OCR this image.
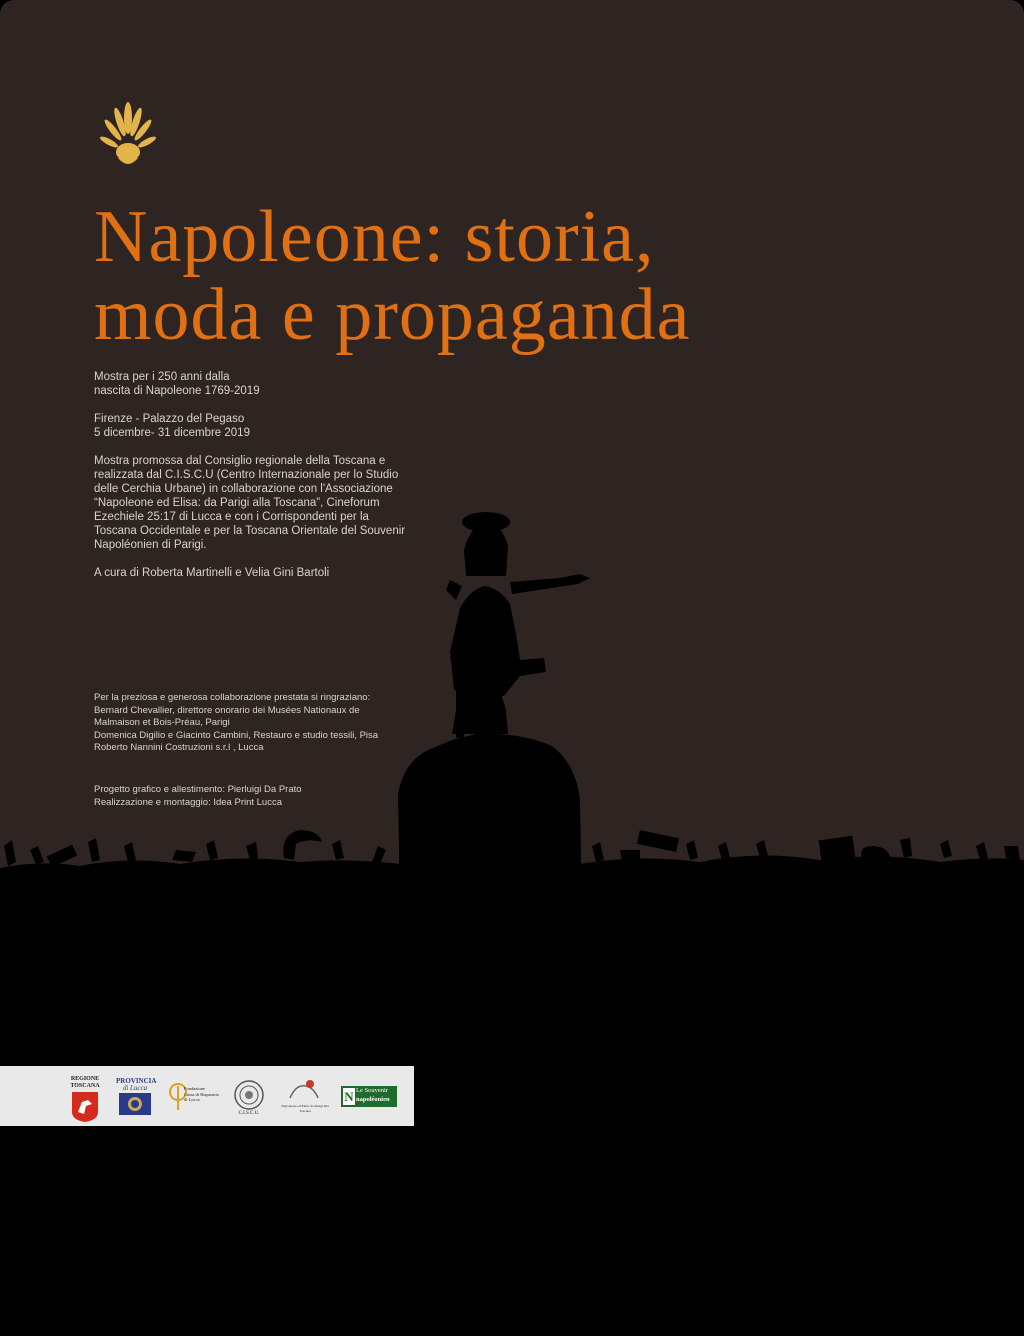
Napoleone: storia,
moda e propaganda
Mostra per i 250 anni dalla
nascita di Napoleone 1769-2019
Firenze - Palazzo del Pegaso
5 dicembre- 31 dicembre 2019
Mostra promossa dal Consiglio regionale della Toscana e
realizzata dal C.I.S.C.U (Centro Internazionale per lo Studio
delle Cerchia Urbane) in collaborazione con l'Associazione
“Napoleone ed Elisa: da Parigi alla Toscana”, Cineforum
Ezechiele 25:17 di Lucca e con i Corrispondenti per la
Toscana Occidentale e per la Toscana Orientale del Souvenir
Napoléonien di Parigi.
A cura di Roberta Martinelli e Velia Gini Bartoli
Per la preziosa e generosa collaborazione prestata si ringraziano:
Bernard Chevallier, direttore onorario dei Musées Nationaux de
Malmaison et Bois-Préau, Parigi
Domenica Digilio e Giacinto Cambini, Restauro e studio tessili, Pisa
Roberto Nannini Costruzioni s.r.l , Lucca
Progetto grafico e allestimento: Pierluigi Da Prato
Realizzazione e montaggio: Idea Print Lucca
REGIONE
TOSCANA
PROVINCIA
di Lucca	Fondazione
Cassa di Risparmio
di Lucca
C.I.S.C.U.
Napoleone ed Elisa: da Parigi alla Toscana
N Le Souvenir
napoléonien
